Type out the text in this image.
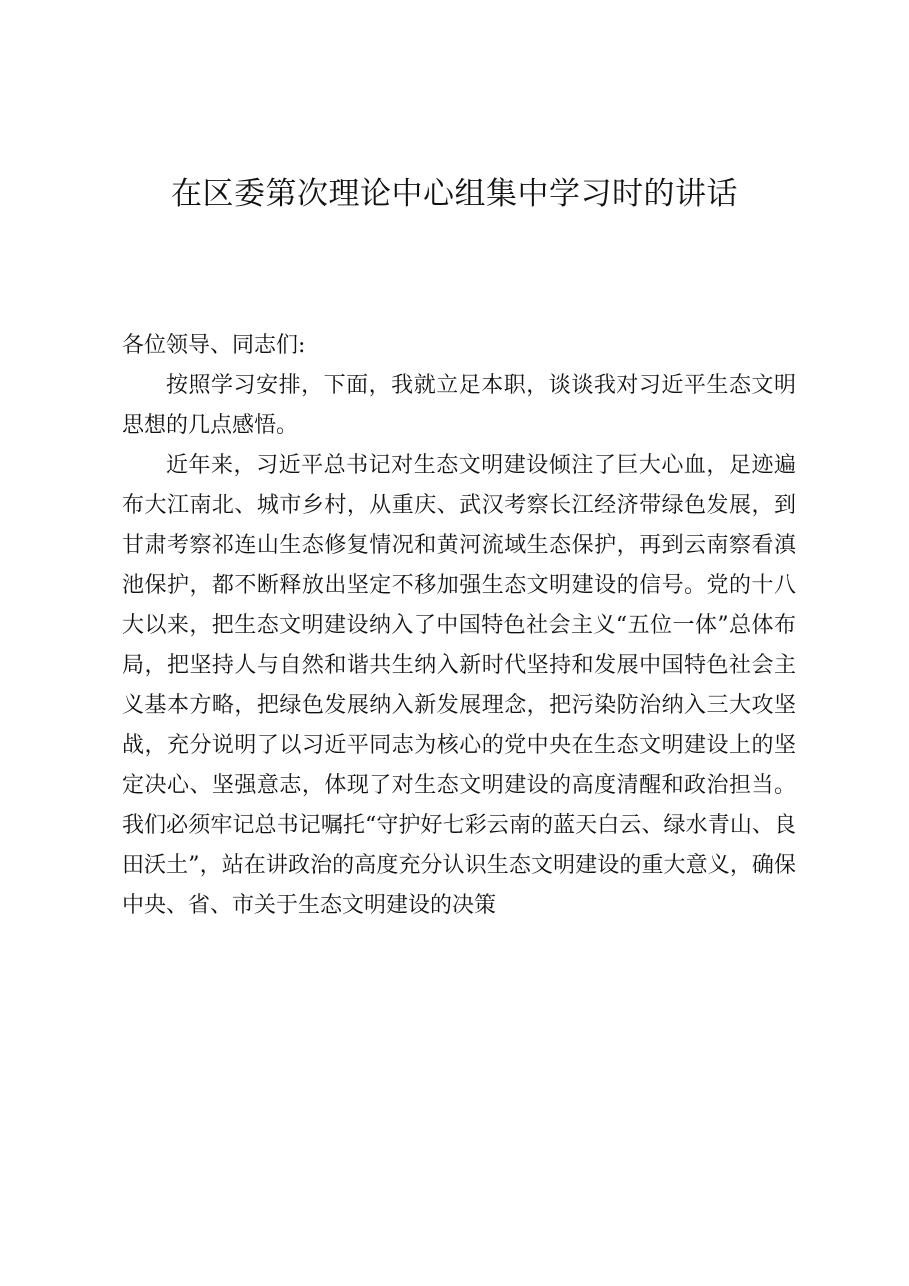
在区委第次理论中心组集中学习时的讲话

各位领导、同志们:

按照学习安排，下面，我就立足本职，谈谈我对习近平生态文明思想的几点感悟。

近年来，习近平总书记对生态文明建设倾注了巨大心血，足迹遍布大江南北、城市乡村，从重庆、武汉考察长江经济带绿色发展，到甘肃考察祁连山生态修复情况和黄河流域生态保护，再到云南察看滇池保护，都不断释放出坚定不移加强生态文明建设的信号。党的十八大以来，把生态文明建设纳入了中国特色社会主义“五位一体”总体布局，把坚持人与自然和谐共生纳入新时代坚持和发展中国特色社会主义基本方略，把绿色发展纳入新发展理念，把污染防治纳入三大攻坚战，充分说明了以习近平同志为核心的党中央在生态文明建设上的坚定决心、坚强意志，体现了对生态文明建设的高度清醒和政治担当。我们必须牢记总书记嘱托“守护好七彩云南的蓝天白云、绿水青山、良田沃土”，站在讲政治的高度充分认识生态文明建设的重大意义，确保中央、省、市关于生态文明建设的决策
